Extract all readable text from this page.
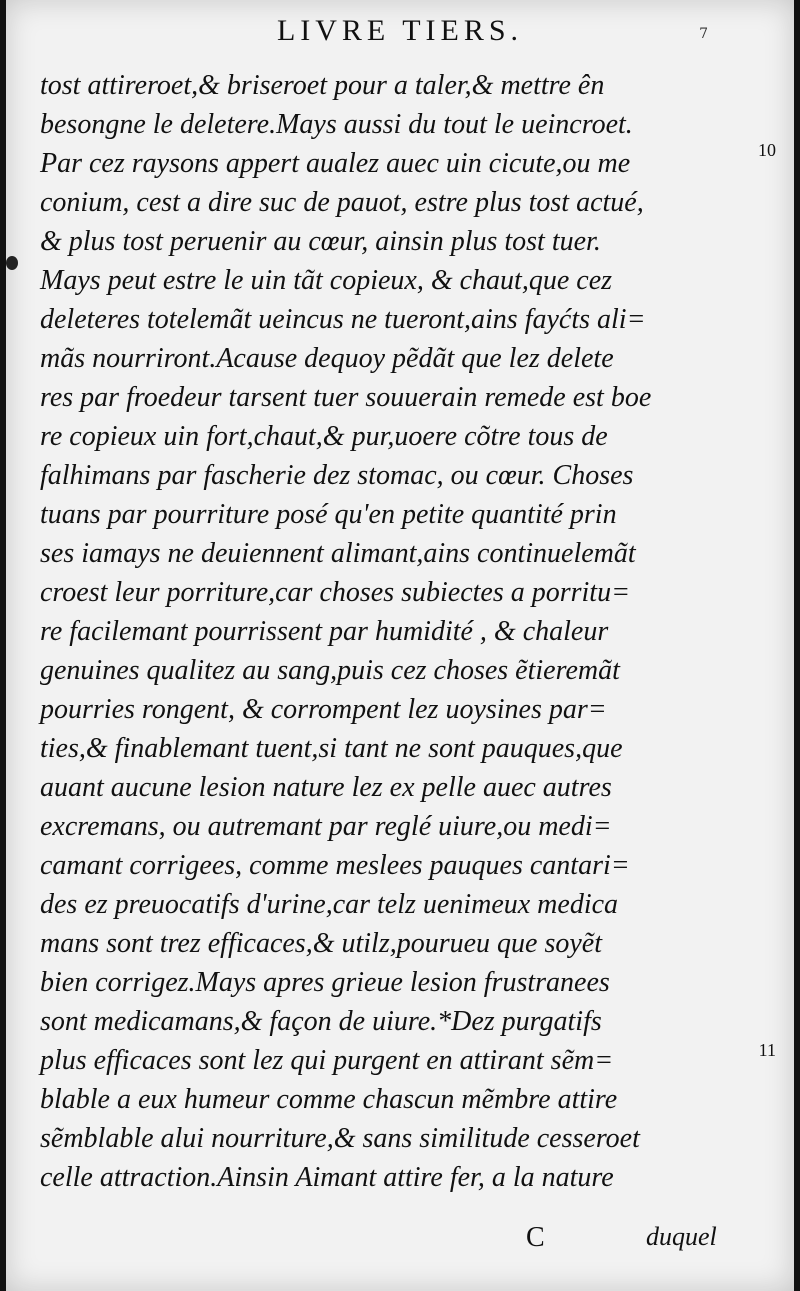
LIVRE TIERS.	7
tost attireroet,& briseroet pour a taler,& mettre ên
besongne le deletere.Mays aussi du tout le ueincroet.
Par cez raysons appert aualez auec uin cicute,ou me
conium, cest a dire suc de pauot, estre plus tost actué,
& plus tost peruenir au cœur, ainsin plus tost tuer.
Mays peut estre le uin tãt copieux, & chaut,que cez
deleteres totelemãt ueincus ne tueront,ains fayćts ali=
mãs nourriront.Acause dequoy pẽdãt que lez delete
res par froedeur tarsent tuer souuerain remede est boe
re copieux uin fort,chaut,& pur,uoere cõtre tous de
falhimans par fascherie dez stomac, ou cœur. Choses
tuans par pourriture posé qu'en petite quantité prin
ses iamays ne deuiennent alimant,ains continuelemãt
croest leur porriture,car choses subiectes a porritu=
re facilemant pourrissent par humidité , & chaleur
genuines qualitez au sang,puis cez choses ẽtieremãt
pourries rongent, & corrompent lez uoysines par=
ties,& finablemant tuent,si tant ne sont pauques,que
auant aucune lesion nature lez ex pelle auec autres
excremans, ou autremant par reglé uiure,ou medi=
camant corrigees, comme meslees pauques cantari=
des ez preuocatifs d'urine,car telz uenimeux medica
mans sont trez efficaces,& utilz,pourueu que soyẽt
bien corrigez.Mays apres grieue lesion frustranees
sont medicamans,& façon de uiure.*Dez purgatifs
plus efficaces sont lez qui purgent en attirant sẽm=
blable a eux humeur comme chascun mẽmbre attire
sẽmblable alui nourriture,& sans similitude cesseroet
celle attraction.Ainsin Aimant attire fer, a la nature
10
11
C	duquel
